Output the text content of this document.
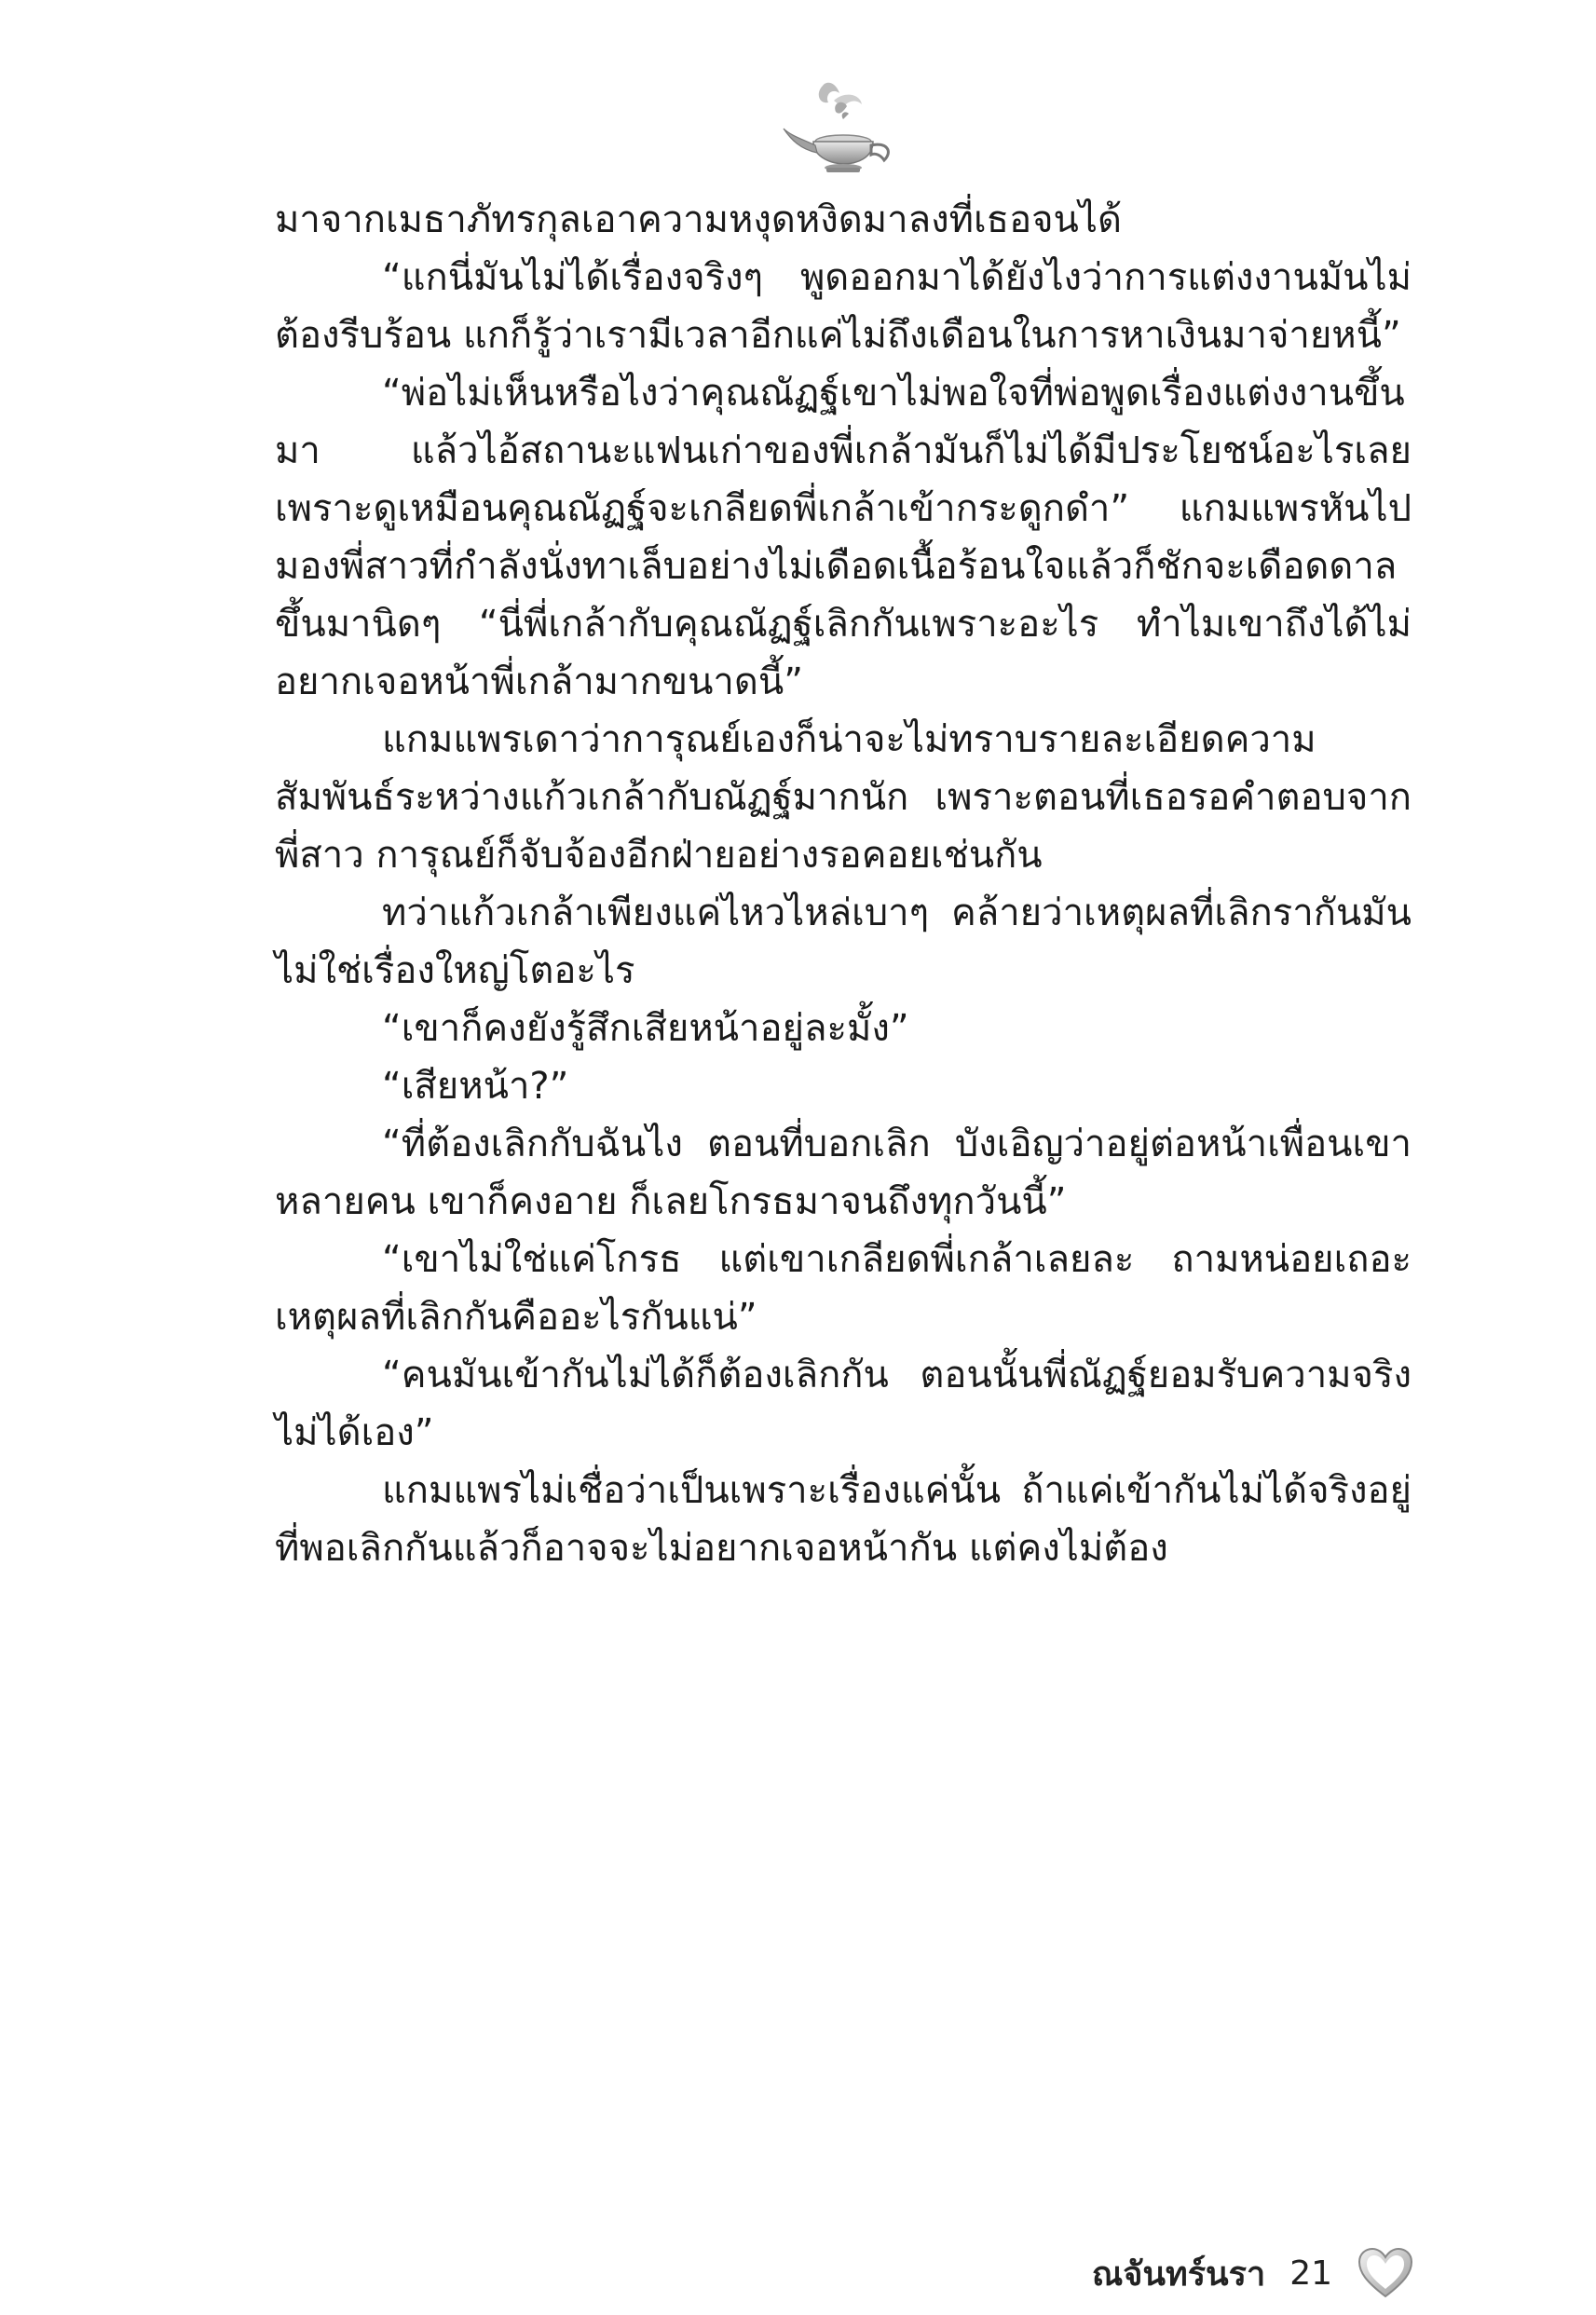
มาจากเมธาภัทรกุลเอาความหงุดหงิดมาลงที่เธอจนได้

“แกนี่มันไม่ได้เรื่องจริงๆ พูดออกมาได้ยังไงว่าการแต่งงานมันไม่ต้องรีบร้อน แกก็รู้ว่าเรามีเวลาอีกแค่ไม่ถึงเดือนในการหาเงินมาจ่ายหนี้”

“พ่อไม่เห็นหรือไงว่าคุณณัฏฐ์เขาไม่พอใจที่พ่อพูดเรื่องแต่งงานขึ้นมา แล้วไอ้สถานะแฟนเก่าของพี่เกล้ามันก็ไม่ได้มีประโยชน์อะไรเลย เพราะดูเหมือนคุณณัฏฐ์จะเกลียดพี่เกล้าเข้ากระดูกดำ” แกมแพรหันไปมองพี่สาวที่กำลังนั่งทาเล็บอย่างไม่เดือดเนื้อร้อนใจแล้วก็ชักจะเดือดดาลขึ้นมานิดๆ “นี่พี่เกล้ากับคุณณัฏฐ์เลิกกันเพราะอะไร ทำไมเขาถึงได้ไม่อยากเจอหน้าพี่เกล้ามากขนาดนี้”

แกมแพรเดาว่าการุณย์เองก็น่าจะไม่ทราบรายละเอียดความสัมพันธ์ระหว่างแก้วเกล้ากับณัฏฐ์มากนัก เพราะตอนที่เธอรอคำตอบจากพี่สาว การุณย์ก็จับจ้องอีกฝ่ายอย่างรอคอยเช่นกัน

ทว่าแก้วเกล้าเพียงแค่ไหวไหล่เบาๆ คล้ายว่าเหตุผลที่เลิกรากันมันไม่ใช่เรื่องใหญ่โตอะไร

“เขาก็คงยังรู้สึกเสียหน้าอยู่ละมั้ง”

“เสียหน้า?”

“ที่ต้องเลิกกับฉันไง ตอนที่บอกเลิก บังเอิญว่าอยู่ต่อหน้าเพื่อนเขาหลายคน เขาก็คงอาย ก็เลยโกรธมาจนถึงทุกวันนี้”

“เขาไม่ใช่แค่โกรธ แต่เขาเกลียดพี่เกล้าเลยละ ถามหน่อยเถอะเหตุผลที่เลิกกันคืออะไรกันแน่”

“คนมันเข้ากันไม่ได้ก็ต้องเลิกกัน ตอนนั้นพี่ณัฏฐ์ยอมรับความจริงไม่ได้เอง”

แกมแพรไม่เชื่อว่าเป็นเพราะเรื่องแค่นั้น ถ้าแค่เข้ากันไม่ได้จริงอยู่ที่พอเลิกกันแล้วก็อาจจะไม่อยากเจอหน้ากัน แต่คงไม่ต้อง

ณจันทร์นรา 21
